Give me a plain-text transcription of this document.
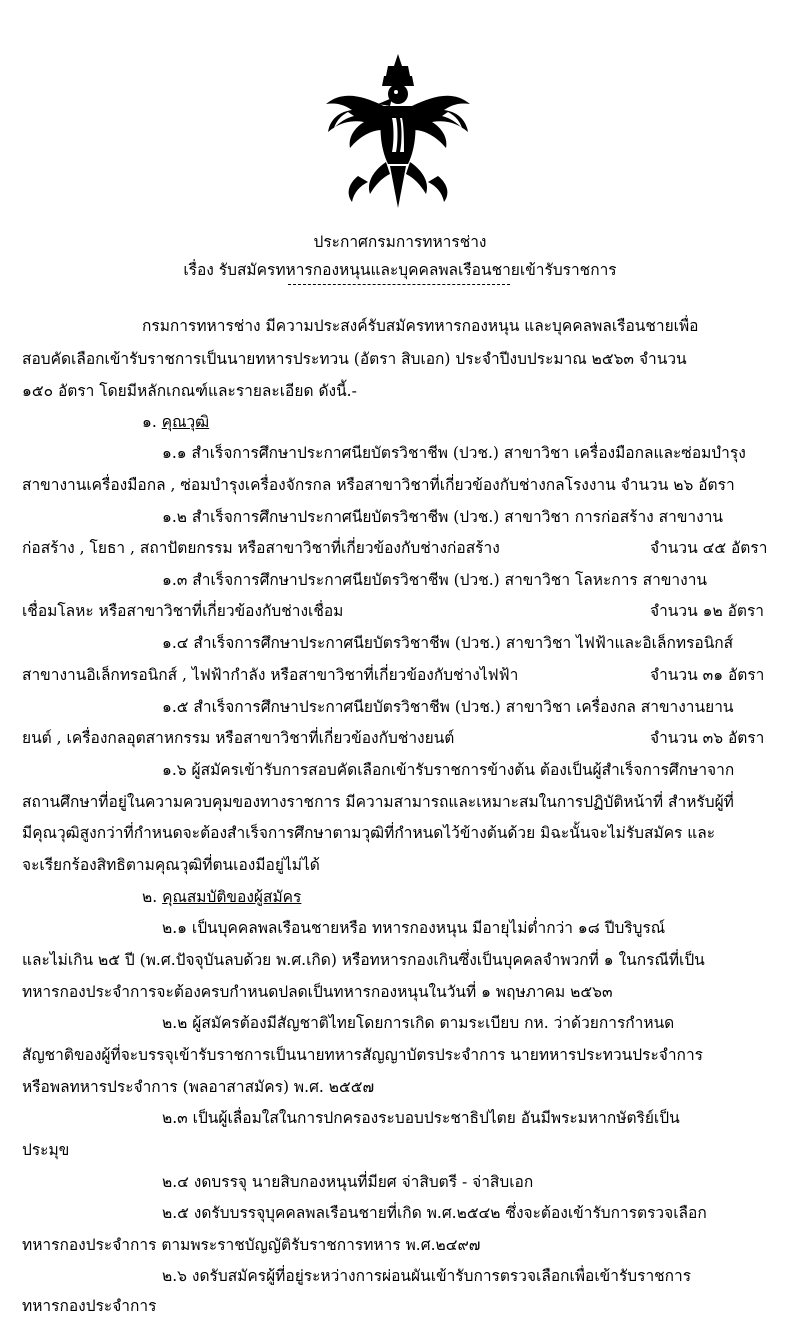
ประกาศกรมการทหารช่าง
เรื่อง รับสมัครทหารกองหนุนและบุคคลพลเรือนชายเข้ารับราชการ
กรมการทหารช่าง มีความประสงค์รับสมัครทหารกองหนุน และบุคคลพลเรือนชายเพื่อ
สอบคัดเลือกเข้ารับราชการเป็นนายทหารประทวน (อัตรา สิบเอก) ประจำปีงบประมาณ ๒๕๖๓ จำนวน
๑๕๐ อัตรา โดยมีหลักเกณฑ์และรายละเอียด ดังนี้.-
๑. คุณวุฒิ
๑.๑ สำเร็จการศึกษาประกาศนียบัตรวิชาชีพ (ปวช.) สาขาวิชา เครื่องมือกลและซ่อมบำรุง
สาขางานเครื่องมือกล , ซ่อมบำรุงเครื่องจักรกล หรือสาขาวิชาที่เกี่ยวข้องกับช่างกลโรงงาน จำนวน ๒๖ อัตรา
๑.๒ สำเร็จการศึกษาประกาศนียบัตรวิชาชีพ (ปวช.) สาขาวิชา การก่อสร้าง สาขางาน
ก่อสร้าง , โยธา , สถาปัตยกรรม หรือสาขาวิชาที่เกี่ยวข้องกับช่างก่อสร้าง	จำนวน ๔๕ อัตรา
๑.๓ สำเร็จการศึกษาประกาศนียบัตรวิชาชีพ (ปวช.) สาขาวิชา โลหะการ สาขางาน
เชื่อมโลหะ หรือสาขาวิชาที่เกี่ยวข้องกับช่างเชื่อม	จำนวน ๑๒ อัตรา
๑.๔ สำเร็จการศึกษาประกาศนียบัตรวิชาชีพ (ปวช.) สาขาวิชา ไฟฟ้าและอิเล็กทรอนิกส์
สาขางานอิเล็กทรอนิกส์ , ไฟฟ้ากำลัง หรือสาขาวิชาที่เกี่ยวข้องกับช่างไฟฟ้า	จำนวน ๓๑ อัตรา
๑.๕ สำเร็จการศึกษาประกาศนียบัตรวิชาชีพ (ปวช.) สาขาวิชา เครื่องกล สาขางานยาน
ยนต์ , เครื่องกลอุตสาหกรรม หรือสาขาวิชาที่เกี่ยวข้องกับช่างยนต์	จำนวน ๓๖ อัตรา
๑.๖ ผู้สมัครเข้ารับการสอบคัดเลือกเข้ารับราชการข้างต้น ต้องเป็นผู้สำเร็จการศึกษาจาก
สถานศึกษาที่อยู่ในความควบคุมของทางราชการ มีความสามารถและเหมาะสมในการปฏิบัติหน้าที่ สำหรับผู้ที่
มีคุณวุฒิสูงกว่าที่กำหนดจะต้องสำเร็จการศึกษาตามวุฒิที่กำหนดไว้ข้างต้นด้วย มิฉะนั้นจะไม่รับสมัคร และ
จะเรียกร้องสิทธิตามคุณวุฒิที่ตนเองมีอยู่ไม่ได้
๒. คุณสมบัติของผู้สมัคร
๒.๑ เป็นบุคคลพลเรือนชายหรือ ทหารกองหนุน มีอายุไม่ต่ำกว่า ๑๘ ปีบริบูรณ์
และไม่เกิน ๒๕ ปี (พ.ศ.ปัจจุบันลบด้วย พ.ศ.เกิด) หรือทหารกองเกินซึ่งเป็นบุคคลจำพวกที่ ๑ ในกรณีที่เป็น
ทหารกองประจำการจะต้องครบกำหนดปลดเป็นทหารกองหนุนในวันที่ ๑ พฤษภาคม ๒๕๖๓
๒.๒ ผู้สมัครต้องมีสัญชาติไทยโดยการเกิด ตามระเบียบ กห. ว่าด้วยการกำหนด
สัญชาติของผู้ที่จะบรรจุเข้ารับราชการเป็นนายทหารสัญญาบัตรประจำการ นายทหารประทวนประจำการ
หรือพลทหารประจำการ (พลอาสาสมัคร) พ.ศ. ๒๕๕๗
๒.๓ เป็นผู้เลื่อมใสในการปกครองระบอบประชาธิปไตย อันมีพระมหากษัตริย์เป็น
ประมุข
๒.๔ งดบรรจุ นายสิบกองหนุนที่มียศ จ่าสิบตรี - จ่าสิบเอก
๒.๕ งดรับบรรจุบุคคลพลเรือนชายที่เกิด พ.ศ.๒๕๔๒ ซึ่งจะต้องเข้ารับการตรวจเลือก
ทหารกองประจำการ ตามพระราชบัญญัติรับราชการทหาร พ.ศ.๒๔๙๗
๒.๖ งดรับสมัครผู้ที่อยู่ระหว่างการผ่อนผันเข้ารับการตรวจเลือกเพื่อเข้ารับราชการ
ทหารกองประจำการ
